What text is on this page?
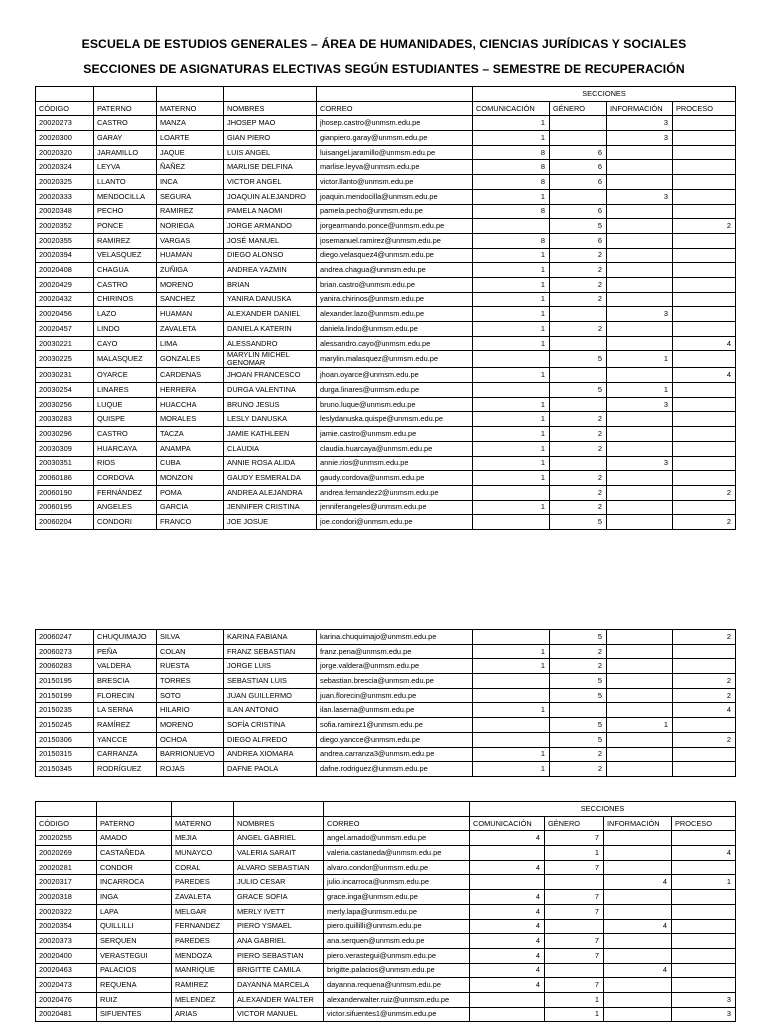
ESCUELA DE ESTUDIOS GENERALES – ÁREA DE HUMANIDADES, CIENCIAS JURÍDICAS Y SOCIALES
SECCIONES DE ASIGNATURAS ELECTIVAS SEGÚN ESTUDIANTES – SEMESTRE DE RECUPERACIÓN
					SECCIONES			
CÓDIGO	PATERNO	MATERNO	NOMBRES	CORREO	COMUNICACIÓN	GÉNERO	INFORMACIÓN	PROCESO
20020273	CASTRO	MANZA	JHOSEP MAO	jhosep.castro@unmsm.edu.pe	1		3	
20020300	GARAY	LOARTE	GIAN PIERO	gianpiero.garay@unmsm.edu.pe	1		3	
20020320	JARAMILLO	JAQUE	LUIS ANGEL	luisangel.jaramillo@unmsm.edu.pe	8	6		
20020324	LEYVA	ÑAÑEZ	MARLISE DELFINA	marlise.leyva@unmsm.edu.pe	8	6		
20020325	LLANTO	INCA	VICTOR ANGEL	victor.llanto@unmsm.edu.pe	8	6		
20020333	MENDOCILLA	SEGURA	JOAQUIN ALEJANDRO	joaquin.mendocilla@unmsm.edu.pe	1		3	
20020348	PECHO	RAMIREZ	PAMELA NAOMI	pamela.pecho@unmsm.edu.pe	8	6		
20020352	PONCE	NORIEGA	JORGE ARMANDO	jorgearmando.ponce@unmsm.edu.pe		5		2
20020355	RAMIREZ	VARGAS	JOSÉ MANUEL	josemanuel.ramirez@unmsm.edu.pe	8	6		
20020394	VELASQUEZ	HUAMAN	DIEGO ALONSO	diego.velasquez4@unmsm.edu.pe	1	2		
20020408	CHAGUA	ZUÑIGA	ANDREA YAZMIN	andrea.chagua@unmsm.edu.pe	1	2		
20020429	CASTRO	MORENO	BRIAN	brian.castro@unmsm.edu.pe	1	2		
20020432	CHIRINOS	SANCHEZ	YANIRA DANUSKA	yanira.chirinos@unmsm.edu.pe	1	2		
20020456	LAZO	HUAMAN	ALEXANDER DANIEL	alexander.lazo@unmsm.edu.pe	1		3	
20020457	LINDO	ZAVALETA	DANIELA KATERIN	daniela.lindo@unmsm.edu.pe	1	2		
20030221	CAYO	LIMA	ALESSANDRO	alessandro.cayo@unmsm.edu.pe	1			4
20030225	MALASQUEZ	GONZALES	MARYLIN MICHEL GENOMAR	marylin.malasquez@unmsm.edu.pe		5	1	
20030231	OYARCE	CARDENAS	JHOAN FRANCESCO	jhoan.oyarce@unmsm.edu.pe	1			4
20030254	LINARES	HERRERA	DURGA VALENTINA	durga.linares@unmsm.edu.pe		5	1	
20030256	LUQUE	HUACCHA	BRUNO JESUS	bruno.luque@unmsm.edu.pe	1		3	
20030283	QUISPE	MORALES	LESLY DANUSKA	leslydanuska.quispe@unmsm.edu.pe	1	2		
20030296	CASTRO	TACZA	JAMIE KATHLEEN	jamie.castro@unmsm.edu.pe	1	2		
20030309	HUARCAYA	ANAMPA	CLAUDIA	claudia.huarcaya@unmsm.edu.pe	1	2		
20030351	RIOS	CUBA	ANNIE ROSA ALIDA	annie.rios@unmsm.edu.pe	1		3	
20060186	CORDOVA	MONZON	GAUDY ESMERALDA	gaudy.cordova@unmsm.edu.pe	1	2		
20060190	FERNÁNDEZ	POMA	ANDREA ALEJANDRA	andrea.fernandez2@unmsm.edu.pe		2		2
20060195	ANGELES	GARCIA	JENNIFER CRISTINA	jenniferangeles@unmsm.edu.pe	1	2		
20060204	CONDORI	FRANCO	JOE JOSUE	joe.condori@unmsm.edu.pe		5		2
20060247	CHUQUIMAJO	SILVA	KARINA FABIANA	karina.chuquimajo@unmsm.edu.pe		5		2
20060273	PEÑA	COLAN	FRANZ SEBASTIAN	franz.pena@unmsm.edu.pe	1	2		
20060283	VALDERA	RUESTA	JORGE LUIS	jorge.valdera@unmsm.edu.pe	1	2		
20150195	BRESCIA	TORRES	SEBASTIAN LUIS	sebastian.brescia@unmsm.edu.pe		5		2
20150199	FLORECIN	SOTO	JUAN GUILLERMO	juan.florecin@unmsm.edu.pe		5		2
20150235	LA SERNA	HILARIO	ILAN ANTONIO	ilan.laserna@unmsm.edu.pe	1			4
20150245	RAMÍREZ	MORENO	SOFÍA CRISTINA	sofia.ramirez1@unmsm.edu.pe		5	1	
20150306	YANCCE	OCHOA	DIEGO ALFREDO	diego.yancce@unmsm.edu.pe		5		2
20150315	CARRANZA	BARRIONUEVO	ANDREA XIOMARA	andrea.carranza3@unmsm.edu.pe	1	2		
20150345	RODRÍGUEZ	ROJAS	DAFNE PAOLA	dafne.rodriguez@unmsm.edu.pe	1	2		
					SECCIONES			
CÓDIGO	PATERNO	MATERNO	NOMBRES	CORREO	COMUNICACIÓN	GÉNERO	INFORMACIÓN	PROCESO
20020255	AMADO	MEJIA	ANGEL GABRIEL	angel.amado@unmsm.edu.pe	4	7		
20020269	CASTAÑEDA	MUNAYCO	VALERIA SARAIT	valeria.castaneda@unmsm.edu.pe		1		4
20020281	CONDOR	CORAL	ALVARO SEBASTIAN	alvaro.condor@unmsm.edu.pe	4	7		
20020317	INCARROCA	PAREDES	JULIO CESAR	julio.incarroca@unmsm.edu.pe			4	1
20020318	INGA	ZAVALETA	GRACE SOFIA	grace.inga@unmsm.edu.pe	4	7		
20020322	LAPA	MELGAR	MERLY IVETT	merly.lapa@unmsm.edu.pe	4	7		
20020354	QUILLILLI	FERNANDEZ	PIERO YSMAEL	piero.quillilli@unmsm.edu.pe	4		4	
20020373	SERQUEN	PAREDES	ANA GABRIEL	ana.serquen@unmsm.edu.pe	4	7		
20020400	VERASTEGUI	MENDOZA	PIERO SEBASTIAN	piero.verastegui@unmsm.edu.pe	4	7		
20020463	PALACIOS	MANRIQUE	BRIGITTE CAMILA	brigitte.palacios@unmsm.edu.pe	4		4	
20020473	REQUENA	RAMIREZ	DAYANNA MARCELA	dayanna.requena@unmsm.edu.pe	4	7		
20020476	RUIZ	MELENDEZ	ALEXANDER WALTER	alexanderwalter.ruiz@unmsm.edu.pe		1		3
20020481	SIFUENTES	ARIAS	VICTOR MANUEL	victor.sifuentes1@unmsm.edu.pe		1		3
